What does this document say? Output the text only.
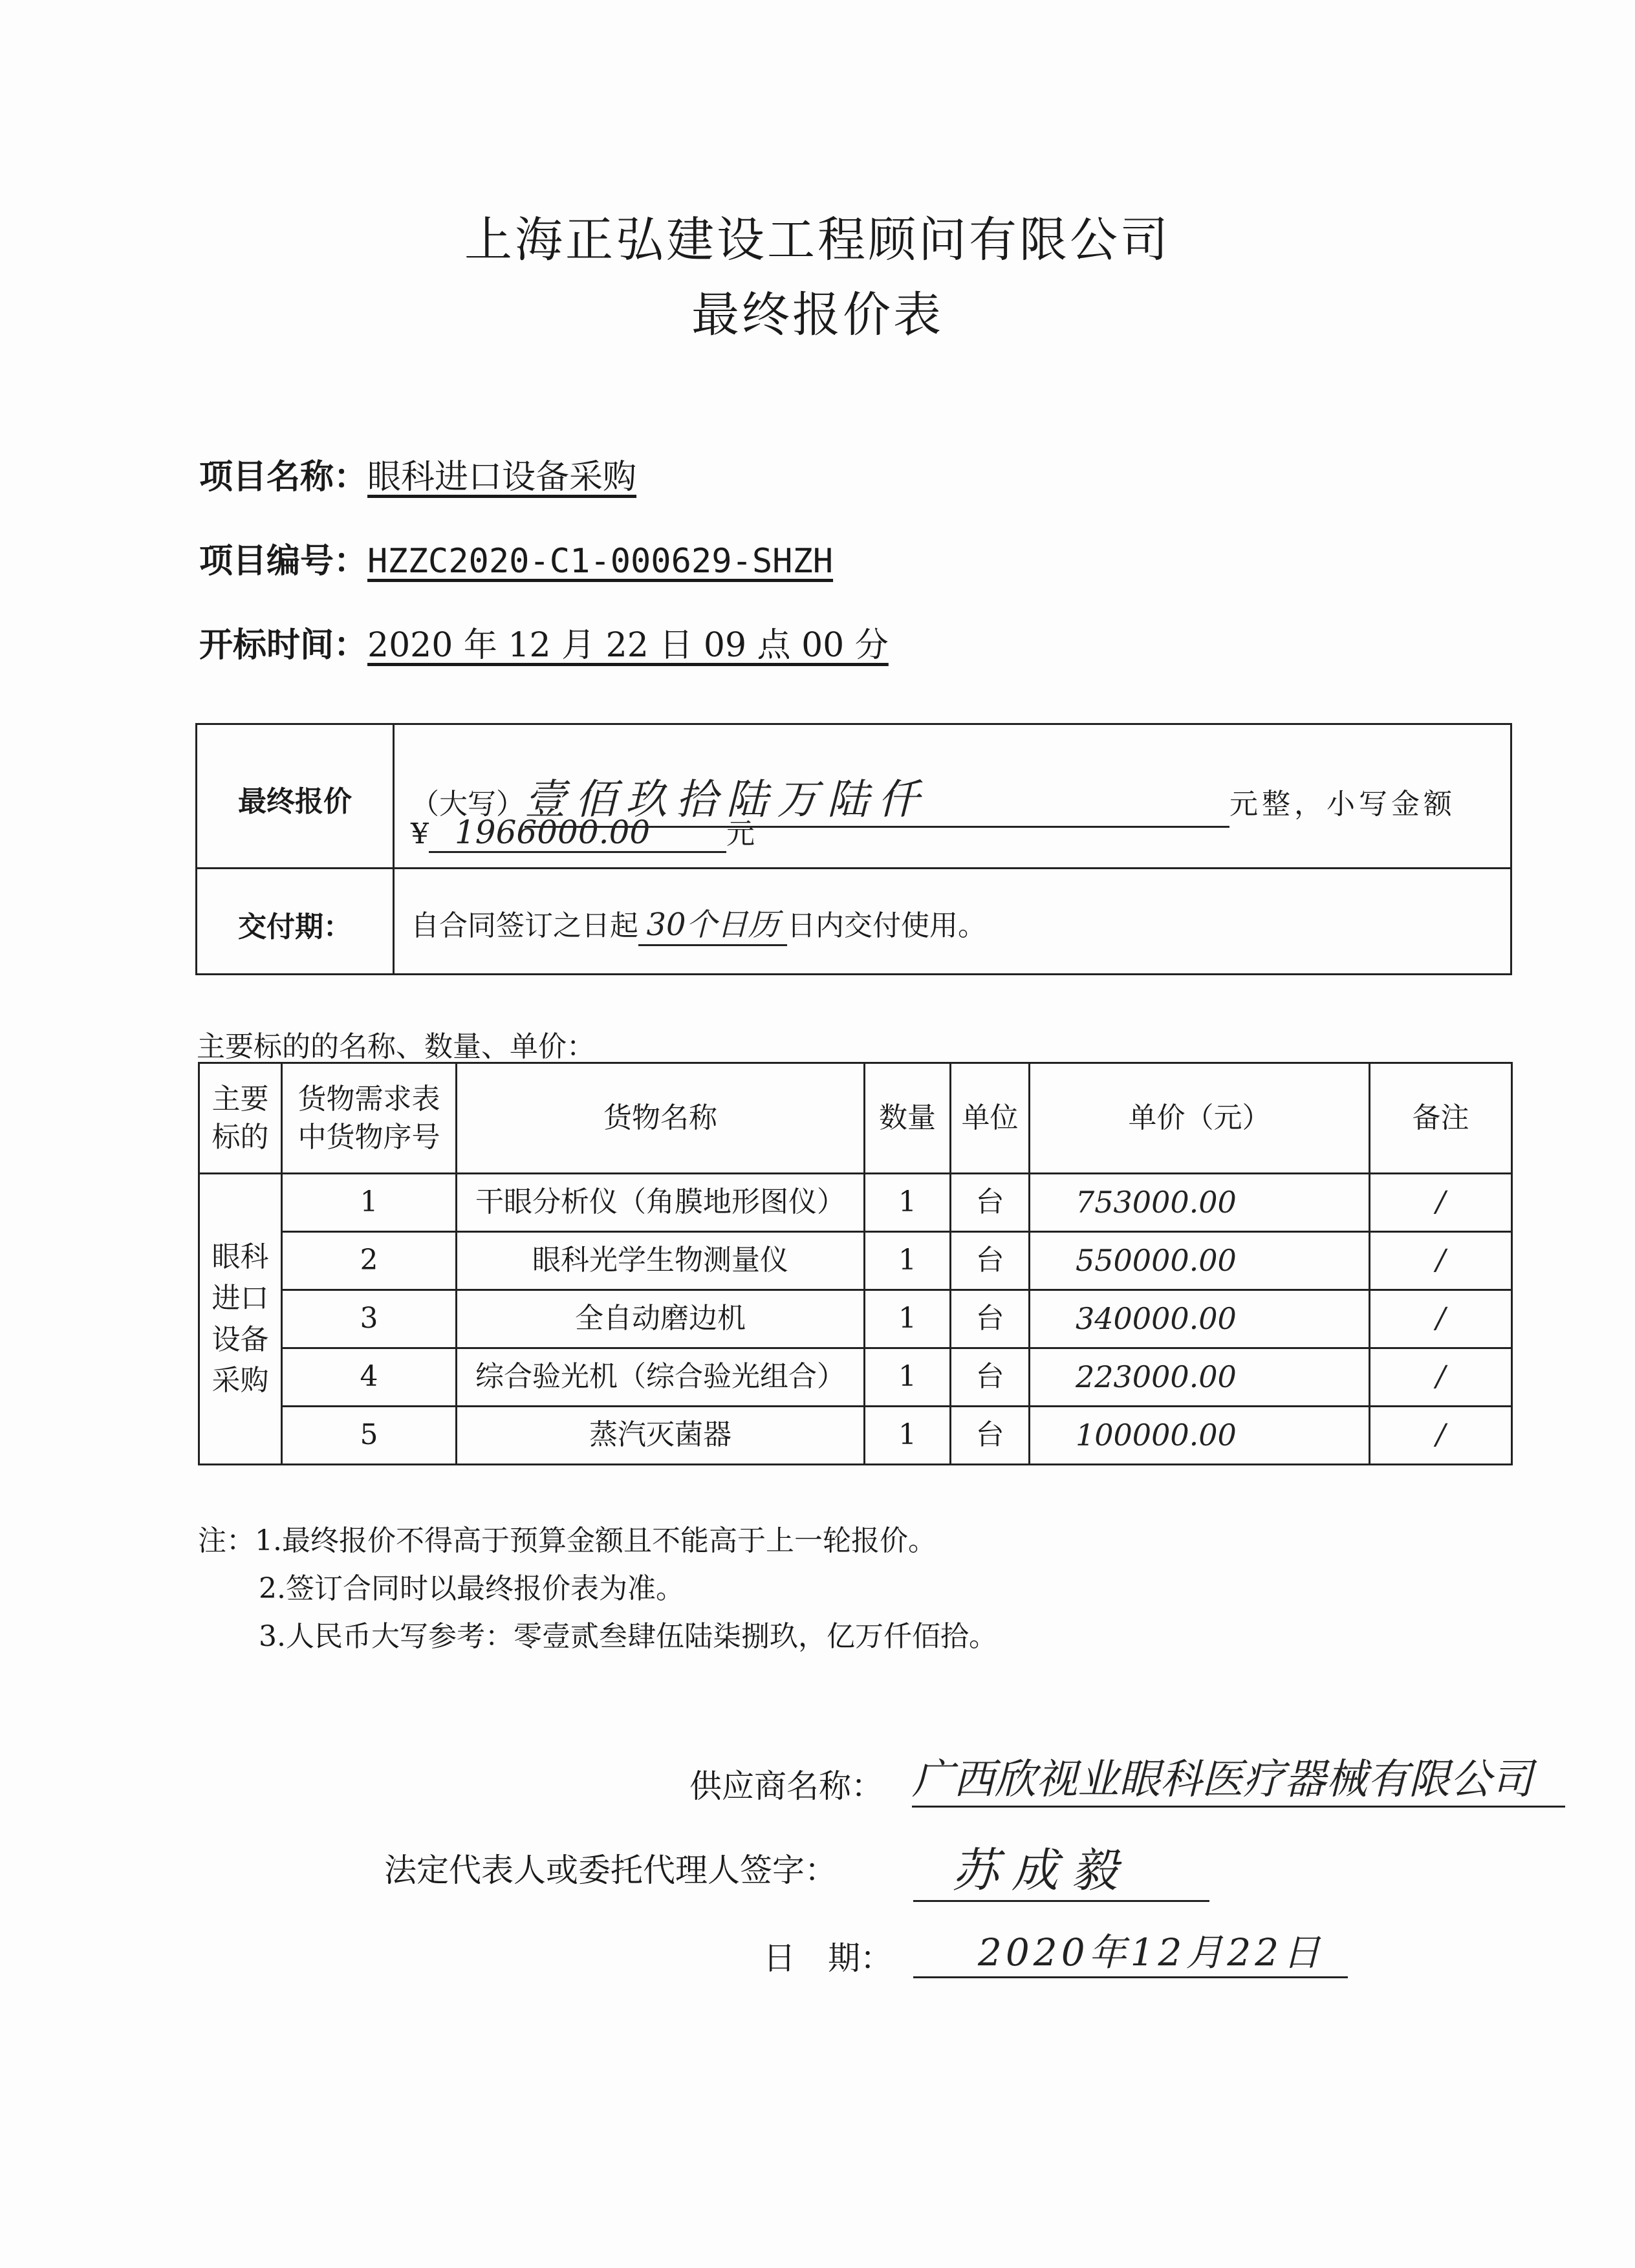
上海正弘建设工程顾问有限公司
最终报价表
项目名称：眼科进口设备采购
项目编号：HZZC2020-C1-000629-SHZH
开标时间：2020 年 12 月 22 日 09 点 00 分
最终报价	（大写）壹佰玖拾陆万陆仟	元整，小写金额
¥ 1966000.00	元
交付期：	自合同签订之日起 30个日历 日内交付使用。
主要标的的名称、数量、单价：
主要标的	货物需求表中货物序号	货物名称	数量	单位	单价（元）	备注

眼科进口设备采购	1	干眼分析仪（角膜地形图仪）	1	台	753000.00	/
	2	眼科光学生物测量仪	1	台	550000.00	/
	3	全自动磨边机	1	台	340000.00	/
	4	综合验光机（综合验光组合）	1	台	223000.00	/
	5	蒸汽灭菌器	1	台	100000.00	/
注：1.最终报价不得高于预算金额且不能高于上一轮报价。
2.签订合同时以最终报价表为准。
3.人民币大写参考：零壹贰叁肆伍陆柒捌玖，亿万仟佰拾。
供应商名称： 广西欣视业眼科医疗器械有限公司
法定代表人或委托代理人签字：	苏成毅
日　期：	2020年12月22日
